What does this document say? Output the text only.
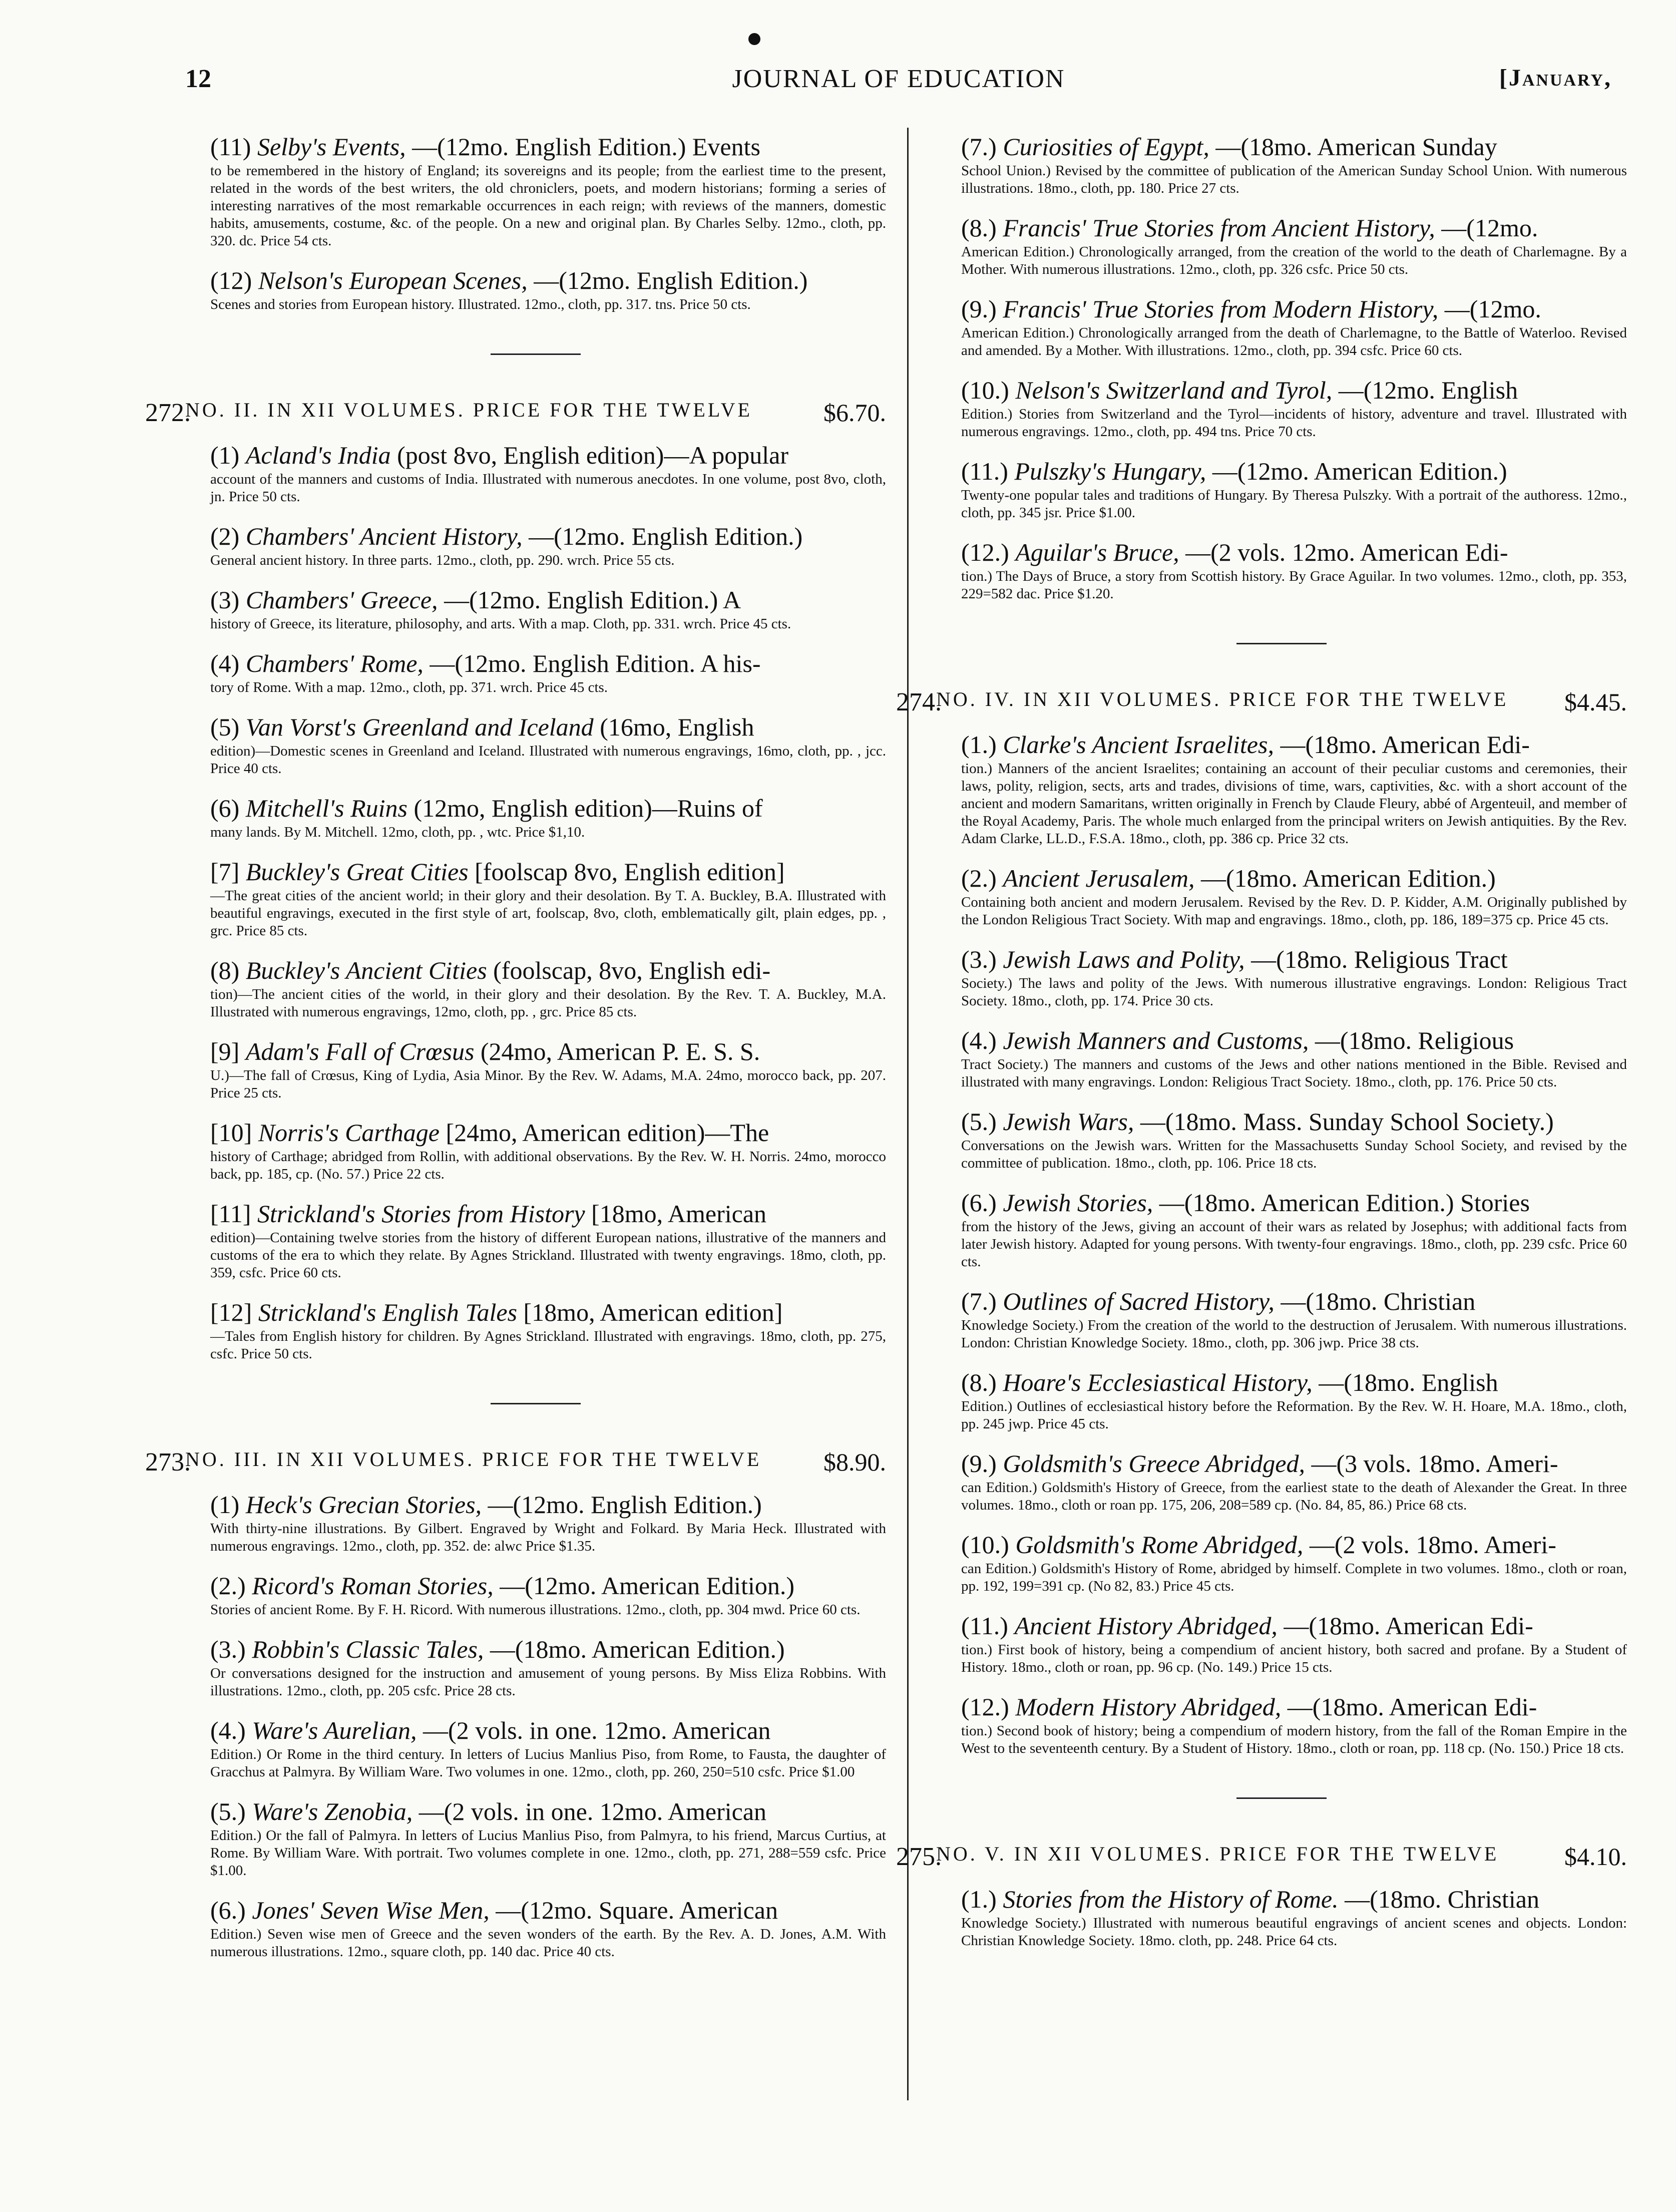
12	JOURNAL OF EDUCATION	[January,
(11) Selby's Events, —(12mo. English Edition.) Events
to be remembered in the history of England; its sovereigns and its people; from the earliest time to the present, related in the words of the best writers, the old chroniclers, poets, and modern historians; forming a series of interesting narratives of the most remarkable occurrences in each reign; with reviews of the manners, domestic habits, amusements, costume, &c. of the people. On a new and original plan. By Charles Selby. 12mo., cloth, pp. 320. dc. Price 54 cts.
(12) Nelson's European Scenes, —(12mo. English Edition.)
Scenes and stories from European history. Illustrated. 12mo., cloth, pp. 317. tns. Price 50 cts.
272.
NO. II. IN XII VOLUMES. PRICE FOR THE TWELVE	$6.70.
(1) Acland's India (post 8vo, English edition)—A popular
account of the manners and customs of India. Illustrated with numerous anecdotes. In one volume, post 8vo, cloth, jn. Price 50 cts.
(2) Chambers' Ancient History, —(12mo. English Edition.)
General ancient history. In three parts. 12mo., cloth, pp. 290. wrch. Price 55 cts.
(3) Chambers' Greece, —(12mo. English Edition.) A
history of Greece, its literature, philosophy, and arts. With a map. Cloth, pp. 331. wrch. Price 45 cts.
(4) Chambers' Rome, —(12mo. English Edition. A his-
tory of Rome. With a map. 12mo., cloth, pp. 371. wrch. Price 45 cts.
(5) Van Vorst's Greenland and Iceland (16mo, English
edition)—Domestic scenes in Greenland and Iceland. Illustrated with numerous engravings, 16mo, cloth, pp. , jcc. Price 40 cts.
(6) Mitchell's Ruins (12mo, English edition)—Ruins of
many lands. By M. Mitchell. 12mo, cloth, pp. , wtc. Price $1,10.
[7] Buckley's Great Cities [foolscap 8vo, English edition]
—The great cities of the ancient world; in their glory and their desolation. By T. A. Buckley, B.A. Illustrated with beautiful engravings, executed in the first style of art, foolscap, 8vo, cloth, emblematically gilt, plain edges, pp. , grc. Price 85 cts.
(8) Buckley's Ancient Cities (foolscap, 8vo, English edi-
tion)—The ancient cities of the world, in their glory and their desolation. By the Rev. T. A. Buckley, M.A. Illustrated with numerous engravings, 12mo, cloth, pp. , grc. Price 85 cts.
[9] Adam's Fall of Crœsus (24mo, American P. E. S. S.
U.)—The fall of Crœsus, King of Lydia, Asia Minor. By the Rev. W. Adams, M.A. 24mo, morocco back, pp. 207. Price 25 cts.
[10] Norris's Carthage [24mo, American edition)—The
history of Carthage; abridged from Rollin, with additional observations. By the Rev. W. H. Norris. 24mo, morocco back, pp. 185, cp. (No. 57.) Price 22 cts.
[11] Strickland's Stories from History [18mo, American
edition)—Containing twelve stories from the history of different European nations, illustrative of the manners and customs of the era to which they relate. By Agnes Strickland. Illustrated with twenty engravings. 18mo, cloth, pp. 359, csfc. Price 60 cts.
[12] Strickland's English Tales [18mo, American edition]
—Tales from English history for children. By Agnes Strickland. Illustrated with engravings. 18mo, cloth, pp. 275, csfc. Price 50 cts.
273.
NO. III. IN XII VOLUMES. PRICE FOR THE TWELVE $8.90.
(1) Heck's Grecian Stories, —(12mo. English Edition.)
With thirty-nine illustrations. By Gilbert. Engraved by Wright and Folkard. By Maria Heck. Illustrated with numerous engravings. 12mo., cloth, pp. 352. de: alwc Price $1.35.
(2.) Ricord's Roman Stories, —(12mo. American Edition.)
Stories of ancient Rome. By F. H. Ricord. With numerous illustrations. 12mo., cloth, pp. 304 mwd. Price 60 cts.
(3.) Robbin's Classic Tales, —(18mo. American Edition.)
Or conversations designed for the instruction and amusement of young persons. By Miss Eliza Robbins. With illustrations. 12mo., cloth, pp. 205 csfc. Price 28 cts.
(4.) Ware's Aurelian, —(2 vols. in one. 12mo. American
Edition.) Or Rome in the third century. In letters of Lucius Manlius Piso, from Rome, to Fausta, the daughter of Gracchus at Palmyra. By William Ware. Two volumes in one. 12mo., cloth, pp. 260, 250=510 csfc. Price $1.00
(5.) Ware's Zenobia, —(2 vols. in one. 12mo. American
Edition.) Or the fall of Palmyra. In letters of Lucius Manlius Piso, from Palmyra, to his friend, Marcus Curtius, at Rome. By William Ware. With portrait. Two volumes complete in one. 12mo., cloth, pp. 271, 288=559 csfc. Price $1.00.
(6.) Jones' Seven Wise Men, —(12mo. Square. American
Edition.) Seven wise men of Greece and the seven wonders of the earth. By the Rev. A. D. Jones, A.M. With numerous illustrations. 12mo., square cloth, pp. 140 dac. Price 40 cts.
(7.) Curiosities of Egypt, —(18mo. American Sunday
School Union.) Revised by the committee of publication of the American Sunday School Union. With numerous illustrations. 18mo., cloth, pp. 180. Price 27 cts.
(8.) Francis' True Stories from Ancient History, —(12mo.
American Edition.) Chronologically arranged, from the creation of the world to the death of Charlemagne. By a Mother. With numerous illustrations. 12mo., cloth, pp. 326 csfc. Price 50 cts.
(9.) Francis' True Stories from Modern History, —(12mo.
American Edition.) Chronologically arranged from the death of Charlemagne, to the Battle of Waterloo. Revised and amended. By a Mother. With illustrations. 12mo., cloth, pp. 394 csfc. Price 60 cts.
(10.) Nelson's Switzerland and Tyrol, —(12mo. English
Edition.) Stories from Switzerland and the Tyrol—incidents of history, adventure and travel. Illustrated with numerous engravings. 12mo., cloth, pp. 494 tns. Price 70 cts.
(11.) Pulszky's Hungary, —(12mo. American Edition.)
Twenty-one popular tales and traditions of Hungary. By Theresa Pulszky. With a portrait of the authoress. 12mo., cloth, pp. 345 jsr. Price $1.00.
(12.) Aguilar's Bruce, —(2 vols. 12mo. American Edi-
tion.) The Days of Bruce, a story from Scottish history. By Grace Aguilar. In two volumes. 12mo., cloth, pp. 353, 229=582 dac. Price $1.20.
274.
NO. IV. IN XII VOLUMES. PRICE FOR THE TWELVE $4.45.
(1.) Clarke's Ancient Israelites, —(18mo. American Edi-
tion.) Manners of the ancient Israelites; containing an account of their peculiar customs and ceremonies, their laws, polity, religion, sects, arts and trades, divisions of time, wars, captivities, &c. with a short account of the ancient and modern Samaritans, written originally in French by Claude Fleury, abbé of Argenteuil, and member of the Royal Academy, Paris. The whole much enlarged from the principal writers on Jewish antiquities. By the Rev. Adam Clarke, LL.D., F.S.A. 18mo., cloth, pp. 386 cp. Price 32 cts.
(2.) Ancient Jerusalem, —(18mo. American Edition.)
Containing both ancient and modern Jerusalem. Revised by the Rev. D. P. Kidder, A.M. Originally published by the London Religious Tract Society. With map and engravings. 18mo., cloth, pp. 186, 189=375 cp. Price 45 cts.
(3.) Jewish Laws and Polity, —(18mo. Religious Tract
Society.) The laws and polity of the Jews. With numerous illustrative engravings. London: Religious Tract Society. 18mo., cloth, pp. 174. Price 30 cts.
(4.) Jewish Manners and Customs, —(18mo. Religious
Tract Society.) The manners and customs of the Jews and other nations mentioned in the Bible. Revised and illustrated with many engravings. London: Religious Tract Society. 18mo., cloth, pp. 176. Price 50 cts.
(5.) Jewish Wars, —(18mo. Mass. Sunday School Society.)
Conversations on the Jewish wars. Written for the Massachusetts Sunday School Society, and revised by the committee of publication. 18mo., cloth, pp. 106. Price 18 cts.
(6.) Jewish Stories, —(18mo. American Edition.) Stories
from the history of the Jews, giving an account of their wars as related by Josephus; with additional facts from later Jewish history. Adapted for young persons. With twenty-four engravings. 18mo., cloth, pp. 239 csfc. Price 60 cts.
(7.) Outlines of Sacred History, —(18mo. Christian
Knowledge Society.) From the creation of the world to the destruction of Jerusalem. With numerous illustrations. London: Christian Knowledge Society. 18mo., cloth, pp. 306 jwp. Price 38 cts.
(8.) Hoare's Ecclesiastical History, —(18mo. English
Edition.) Outlines of ecclesiastical history before the Reformation. By the Rev. W. H. Hoare, M.A. 18mo., cloth, pp. 245 jwp. Price 45 cts.
(9.) Goldsmith's Greece Abridged, —(3 vols. 18mo. Ameri-
can Edition.) Goldsmith's History of Greece, from the earliest state to the death of Alexander the Great. In three volumes. 18mo., cloth or roan pp. 175, 206, 208=589 cp. (No. 84, 85, 86.) Price 68 cts.
(10.) Goldsmith's Rome Abridged, —(2 vols. 18mo. Ameri-
can Edition.) Goldsmith's History of Rome, abridged by himself. Complete in two volumes. 18mo., cloth or roan, pp. 192, 199=391 cp. (No 82, 83.) Price 45 cts.
(11.) Ancient History Abridged, —(18mo. American Edi-
tion.) First book of history, being a compendium of ancient history, both sacred and profane. By a Student of History. 18mo., cloth or roan, pp. 96 cp. (No. 149.) Price 15 cts.
(12.) Modern History Abridged, —(18mo. American Edi-
tion.) Second book of history; being a compendium of modern history, from the fall of the Roman Empire in the West to the seventeenth century. By a Student of History. 18mo., cloth or roan, pp. 118 cp. (No. 150.) Price 18 cts.
275.
NO. V. IN XII VOLUMES. PRICE FOR THE TWELVE	$4.10.
(1.) Stories from the History of Rome. —(18mo. Christian
Knowledge Society.) Illustrated with numerous beautiful engravings of ancient scenes and objects. London: Christian Knowledge Society. 18mo. cloth, pp. 248. Price 64 cts.
